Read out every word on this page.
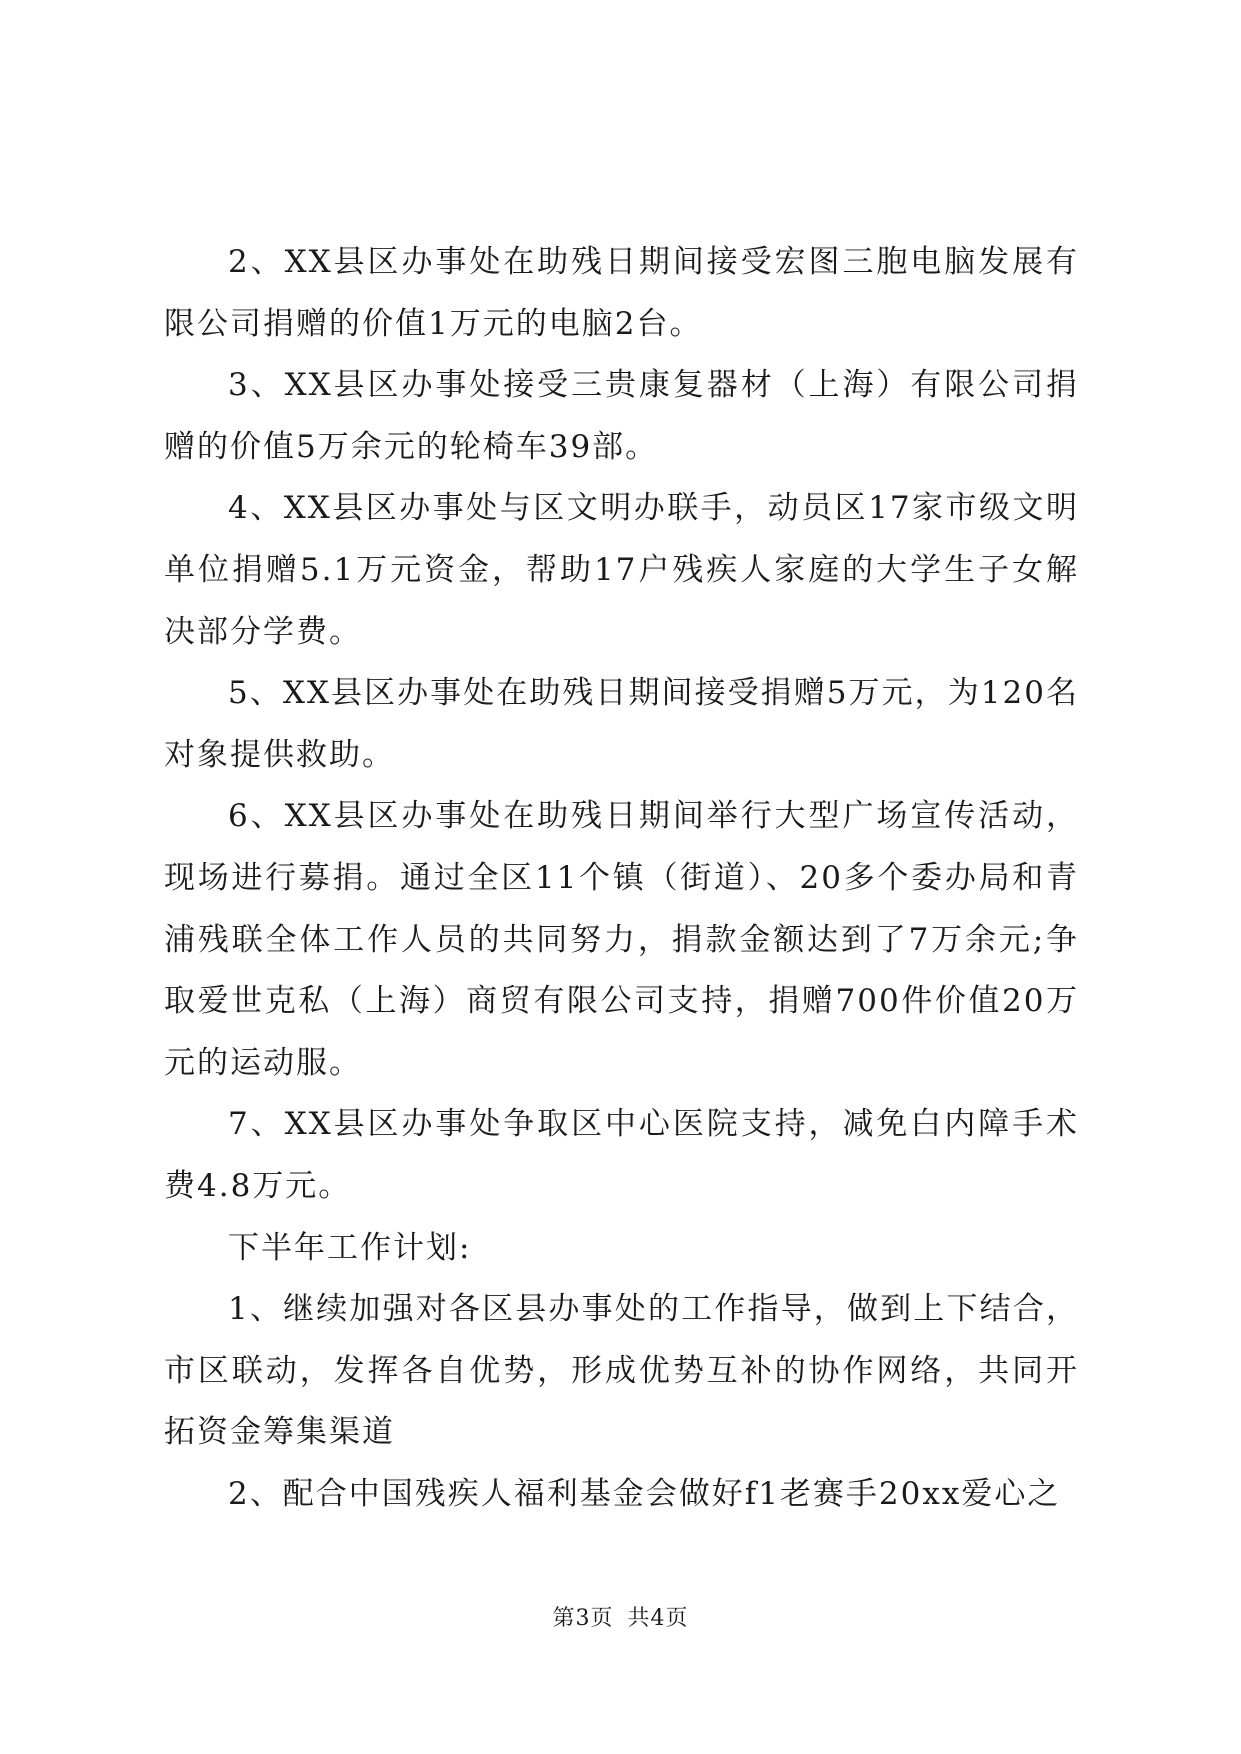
2、XX县区办事处在助残日期间接受宏图三胞电脑发展有限公司捐赠的价值1万元的电脑2台。

3、XX县区办事处接受三贵康复器材（上海）有限公司捐赠的价值5万余元的轮椅车39部。

4、XX县区办事处与区文明办联手，动员区17家市级文明单位捐赠5.1万元资金，帮助17户残疾人家庭的大学生子女解决部分学费。

5、XX县区办事处在助残日期间接受捐赠5万元，为120名对象提供救助。

6、XX县区办事处在助残日期间举行大型广场宣传活动，现场进行募捐。通过全区11个镇（街道）、20多个委办局和青浦残联全体工作人员的共同努力，捐款金额达到了7万余元;争取爱世克私（上海）商贸有限公司支持，捐赠700件价值20万元的运动服。

7、XX县区办事处争取区中心医院支持，减免白内障手术费4.8万元。

下半年工作计划:

1、继续加强对各区县办事处的工作指导，做到上下结合，市区联动，发挥各自优势，形成优势互补的协作网络，共同开拓资金筹集渠道

2、配合中国残疾人福利基金会做好f1老赛手20xx爱心之

第3页 共4页
